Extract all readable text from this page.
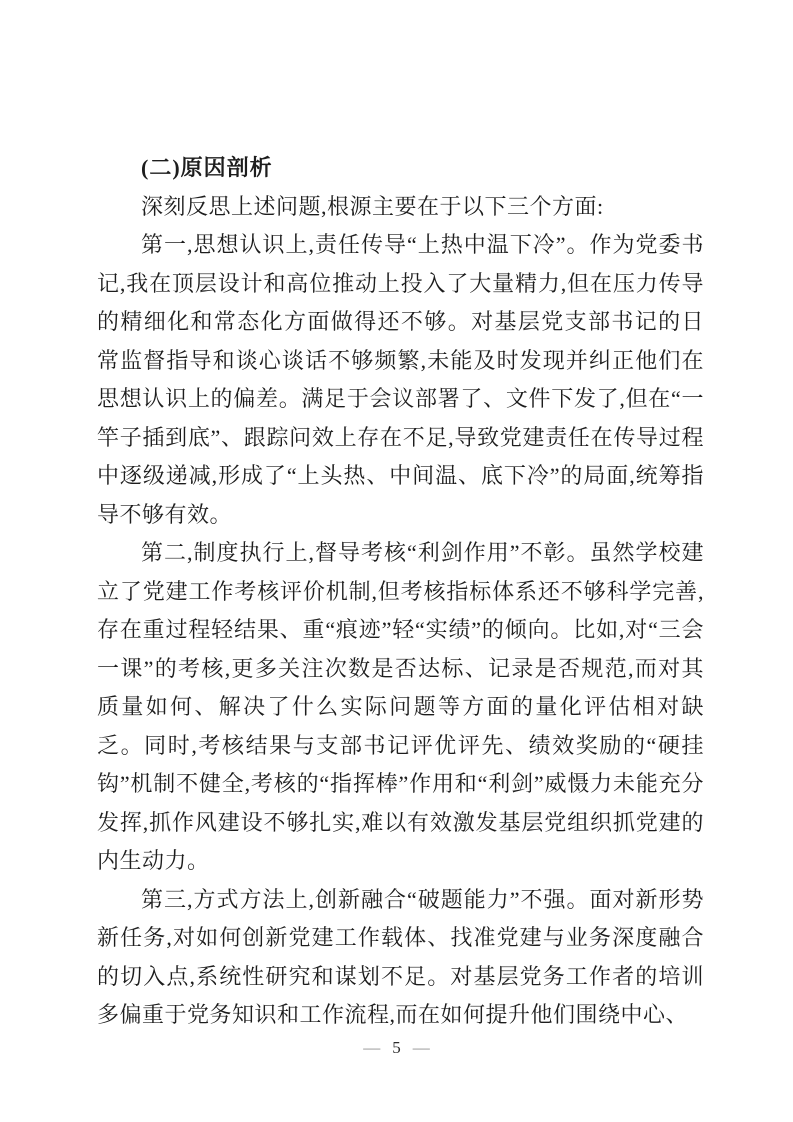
(二)原因剖析

深刻反思上述问题,根源主要在于以下三个方面:

第一,思想认识上,责任传导“上热中温下冷”。作为党委书记,我在顶层设计和高位推动上投入了大量精力,但在压力传导的精细化和常态化方面做得还不够。对基层党支部书记的日常监督指导和谈心谈话不够频繁,未能及时发现并纠正他们在思想认识上的偏差。满足于会议部署了、文件下发了,但在“一竿子插到底”、跟踪问效上存在不足,导致党建责任在传导过程中逐级递减,形成了“上头热、中间温、底下冷”的局面,统筹指导不够有效。

第二,制度执行上,督导考核“利剑作用”不彰。虽然学校建立了党建工作考核评价机制,但考核指标体系还不够科学完善,存在重过程轻结果、重“痕迹”轻“实绩”的倾向。比如,对“三会一课”的考核,更多关注次数是否达标、记录是否规范,而对其质量如何、解决了什么实际问题等方面的量化评估相对缺乏。同时,考核结果与支部书记评优评先、绩效奖励的“硬挂钩”机制不健全,考核的“指挥棒”作用和“利剑”威慑力未能充分发挥,抓作风建设不够扎实,难以有效激发基层党组织抓党建的内生动力。

第三,方式方法上,创新融合“破题能力”不强。面对新形势新任务,对如何创新党建工作载体、找准党建与业务深度融合的切入点,系统性研究和谋划不足。对基层党务工作者的培训多偏重于党务知识和工作流程,而在如何提升他们围绕中心、

— 5 —
